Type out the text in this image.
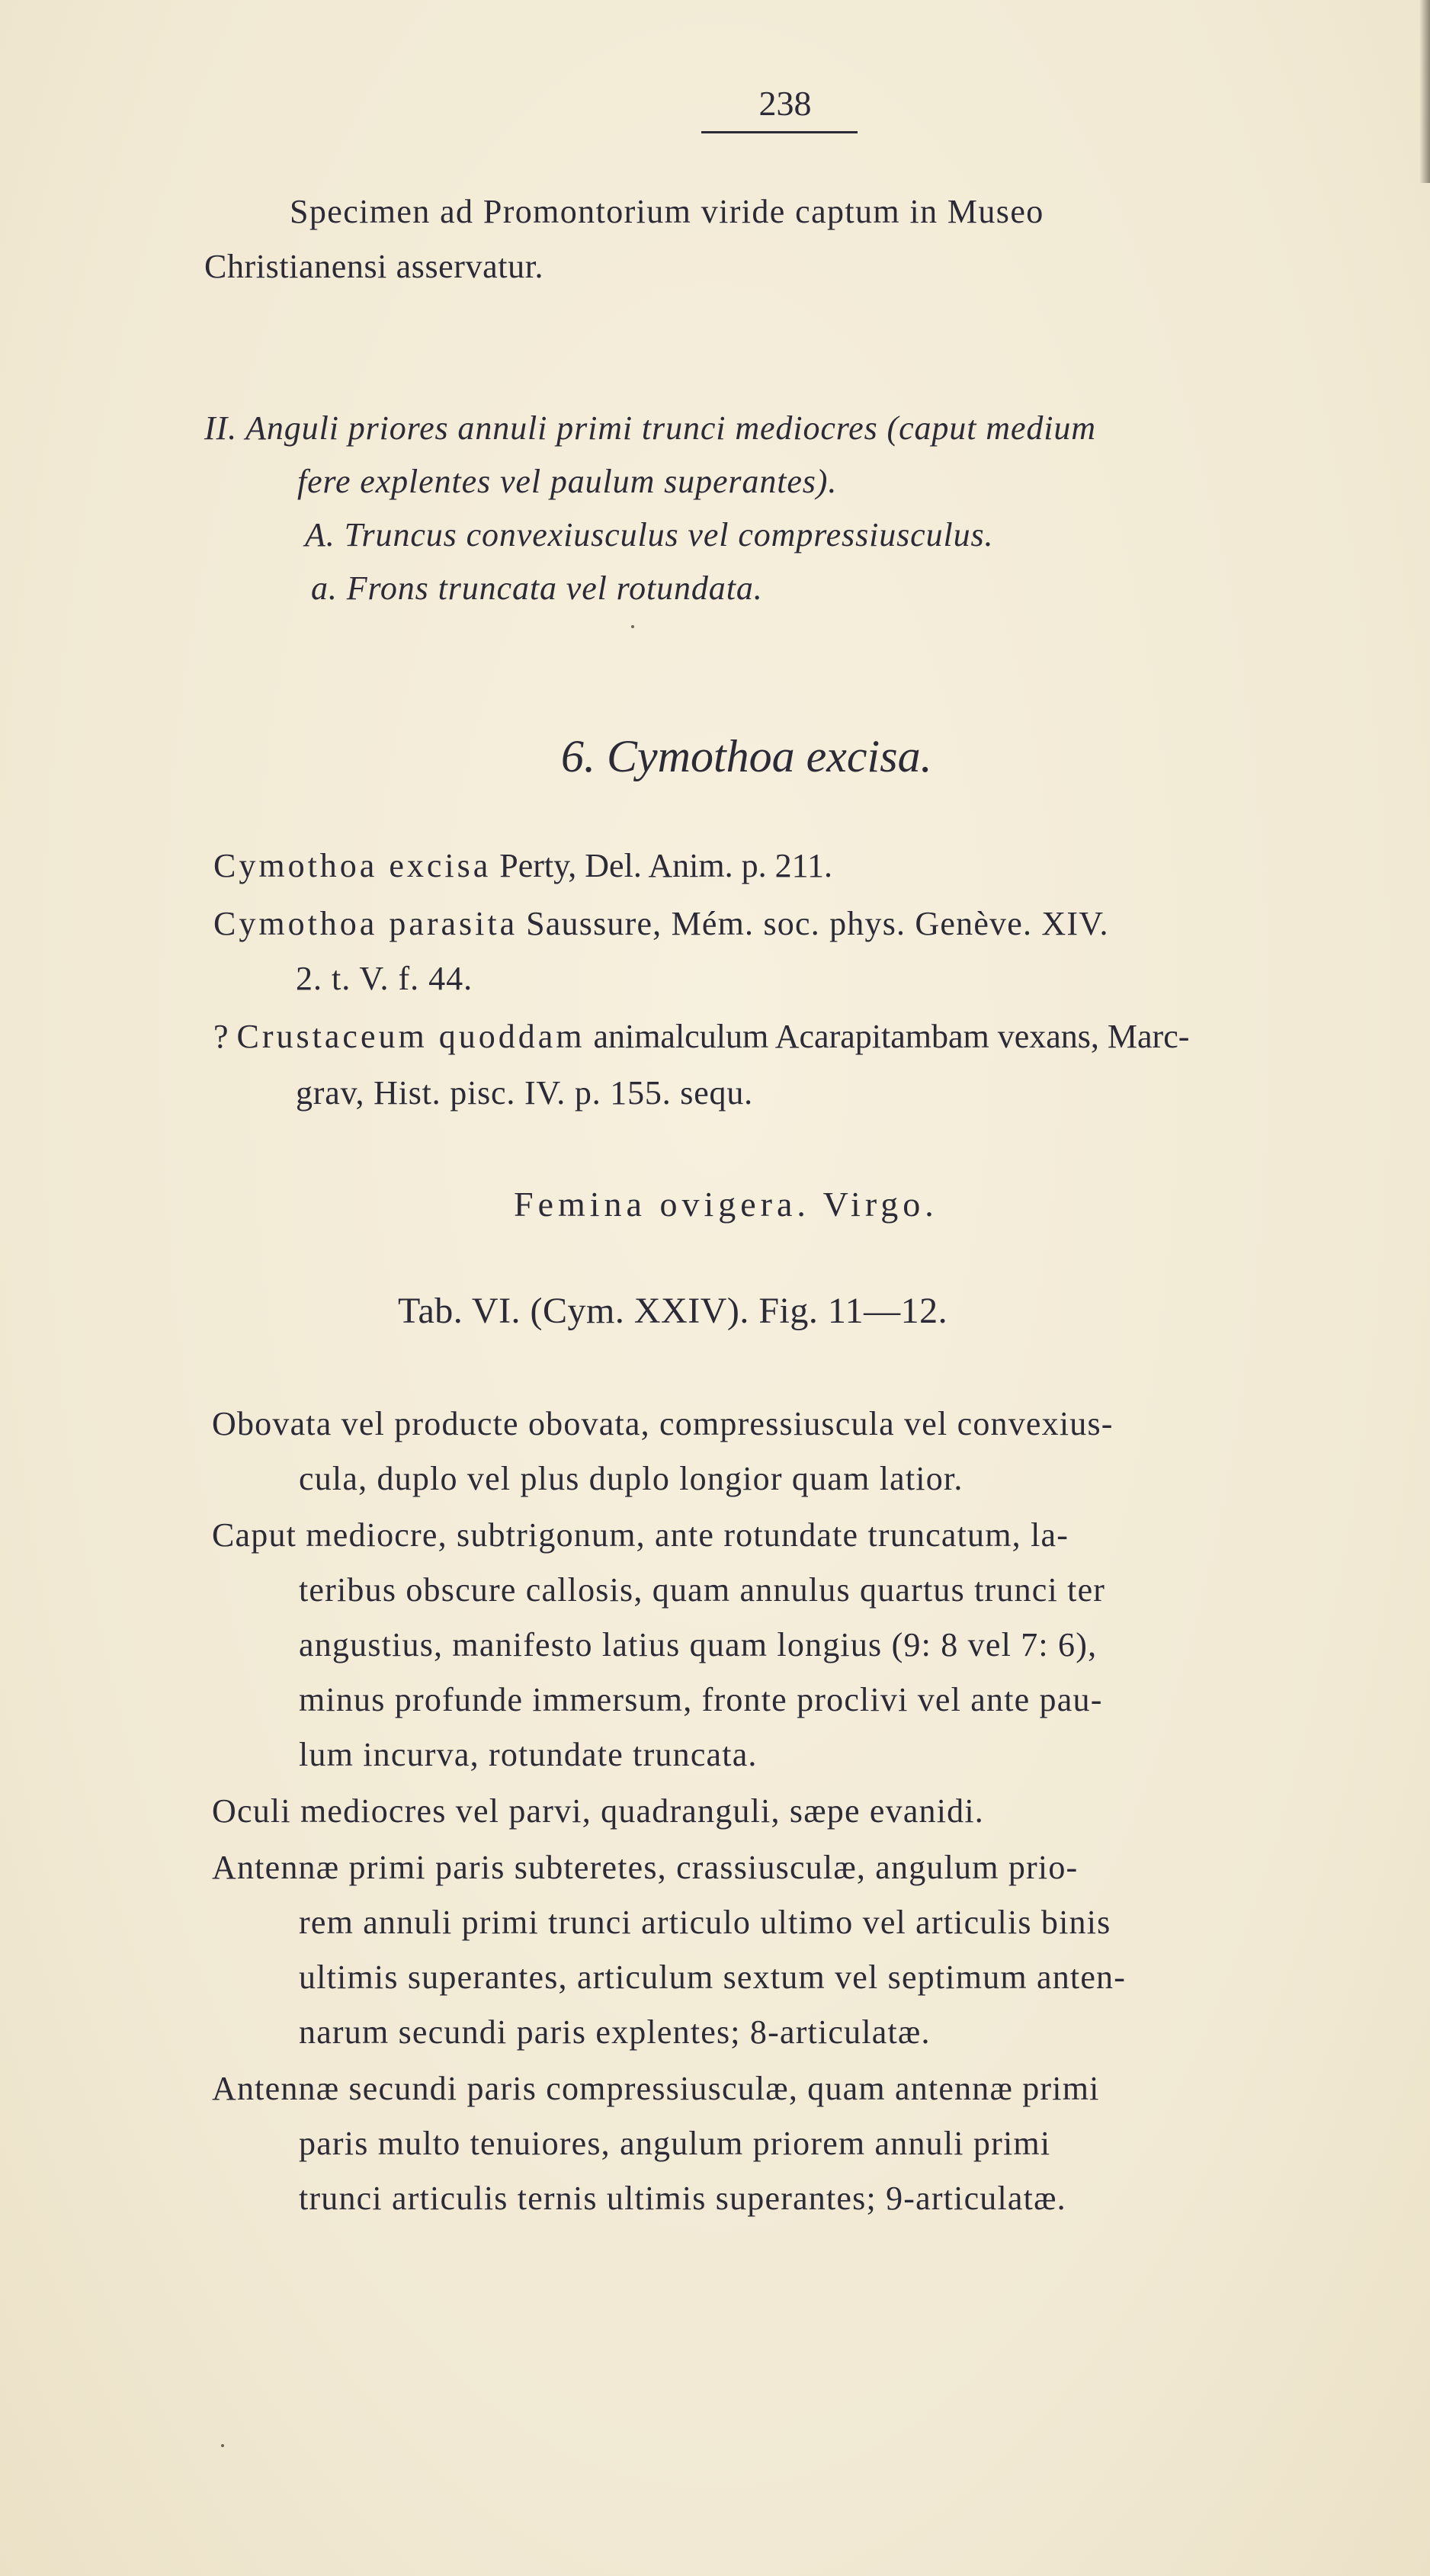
238
Specimen ad Promontorium viride captum in Museo
Christianensi asservatur.
II. Anguli priores annuli primi trunci mediocres (caput medium
fere explentes vel paulum superantes).
A. Truncus convexiusculus vel compressiusculus.
a. Frons truncata vel rotundata.
6. Cymothoa excisa.
Cymothoa excisa Perty, Del. Anim. p. 211.
Cymothoa parasita Saussure, Mém. soc. phys. Genève. XIV.
2. t. V. f. 44.
? Crustaceum quoddam animalculum Acarapitambam vexans, Marc-
grav, Hist. pisc. IV. p. 155. sequ.
Femina ovigera. Virgo.
Tab. VI. (Cym. XXIV). Fig. 11—12.
Obovata vel producte obovata, compressiuscula vel convexius-
cula, duplo vel plus duplo longior quam latior.
Caput mediocre, subtrigonum, ante rotundate truncatum, la-
teribus obscure callosis, quam annulus quartus trunci ter
angustius, manifesto latius quam longius (9: 8 vel 7: 6),
minus profunde immersum, fronte proclivi vel ante pau-
lum incurva, rotundate truncata.
Oculi mediocres vel parvi, quadranguli, sæpe evanidi.
Antennæ primi paris subteretes, crassiusculæ, angulum prio-
rem annuli primi trunci articulo ultimo vel articulis binis
ultimis superantes, articulum sextum vel septimum anten-
narum secundi paris explentes; 8-articulatæ.
Antennæ secundi paris compressiusculæ, quam antennæ primi
paris multo tenuiores, angulum priorem annuli primi
trunci articulis ternis ultimis superantes; 9-articulatæ.
